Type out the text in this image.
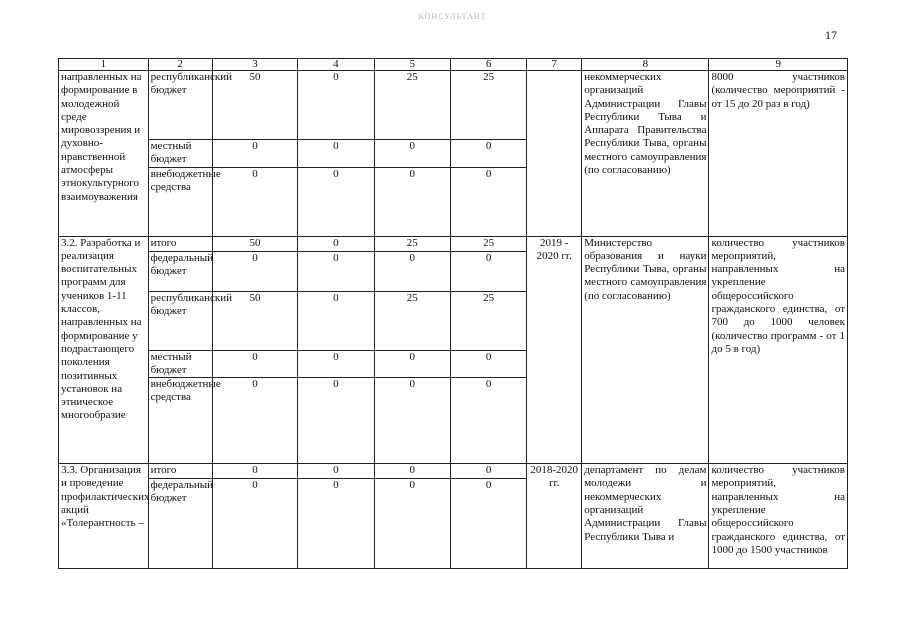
КОНСУЛЬТАНТ
17
1	2	3	4	5	6	7	8	9
направленных на формирование в молодежной среде мировоззрения и духовно-нравственной атмосферы этнокультурного взаимоуважения	республиканский бюджет	50	0	25	25		некоммерческих организаций Администрации Главы Республики Тыва и Аппарата Правительства Республики Тыва, органы местного самоуправления (по согласованию)	8000 участников (количество мероприятий - от 15 до 20 раз в год)
	местный бюджет	0	0	0	0			
	внебюджетные средства	0	0	0	0			
3.2. Разработка и реализация воспитательных программ для учеников 1-11 классов, направленных на формирование у подрастающего поколения позитивных установок на этническое многообразие	итого	50	0	25	25	2019 - 2020 гг.	Министерство образования и науки Республики Тыва, органы местного самоуправления (по согласованию)	количество участников мероприятий, направленных на укрепление общероссийского гражданского единства, от 700 до 1000 человек (количество программ - от 1 до 5 в год)
	федеральный бюджет	0	0	0	0			
	республиканский бюджет	50	0	25	25			
	местный бюджет	0	0	0	0			
	внебюджетные средства	0	0	0	0			
3.3. Организация и проведение профилактических акций «Толерантность –	итого	0	0	0	0	2018-2020 гг.	департамент по делам молодежи и некоммерческих организаций Администрации Главы Республики Тыва и	количество участников мероприятий, направленных на укрепление общероссийского гражданского единства, от 1000 до 1500 участников
	федеральный бюджет	0	0	0	0			
